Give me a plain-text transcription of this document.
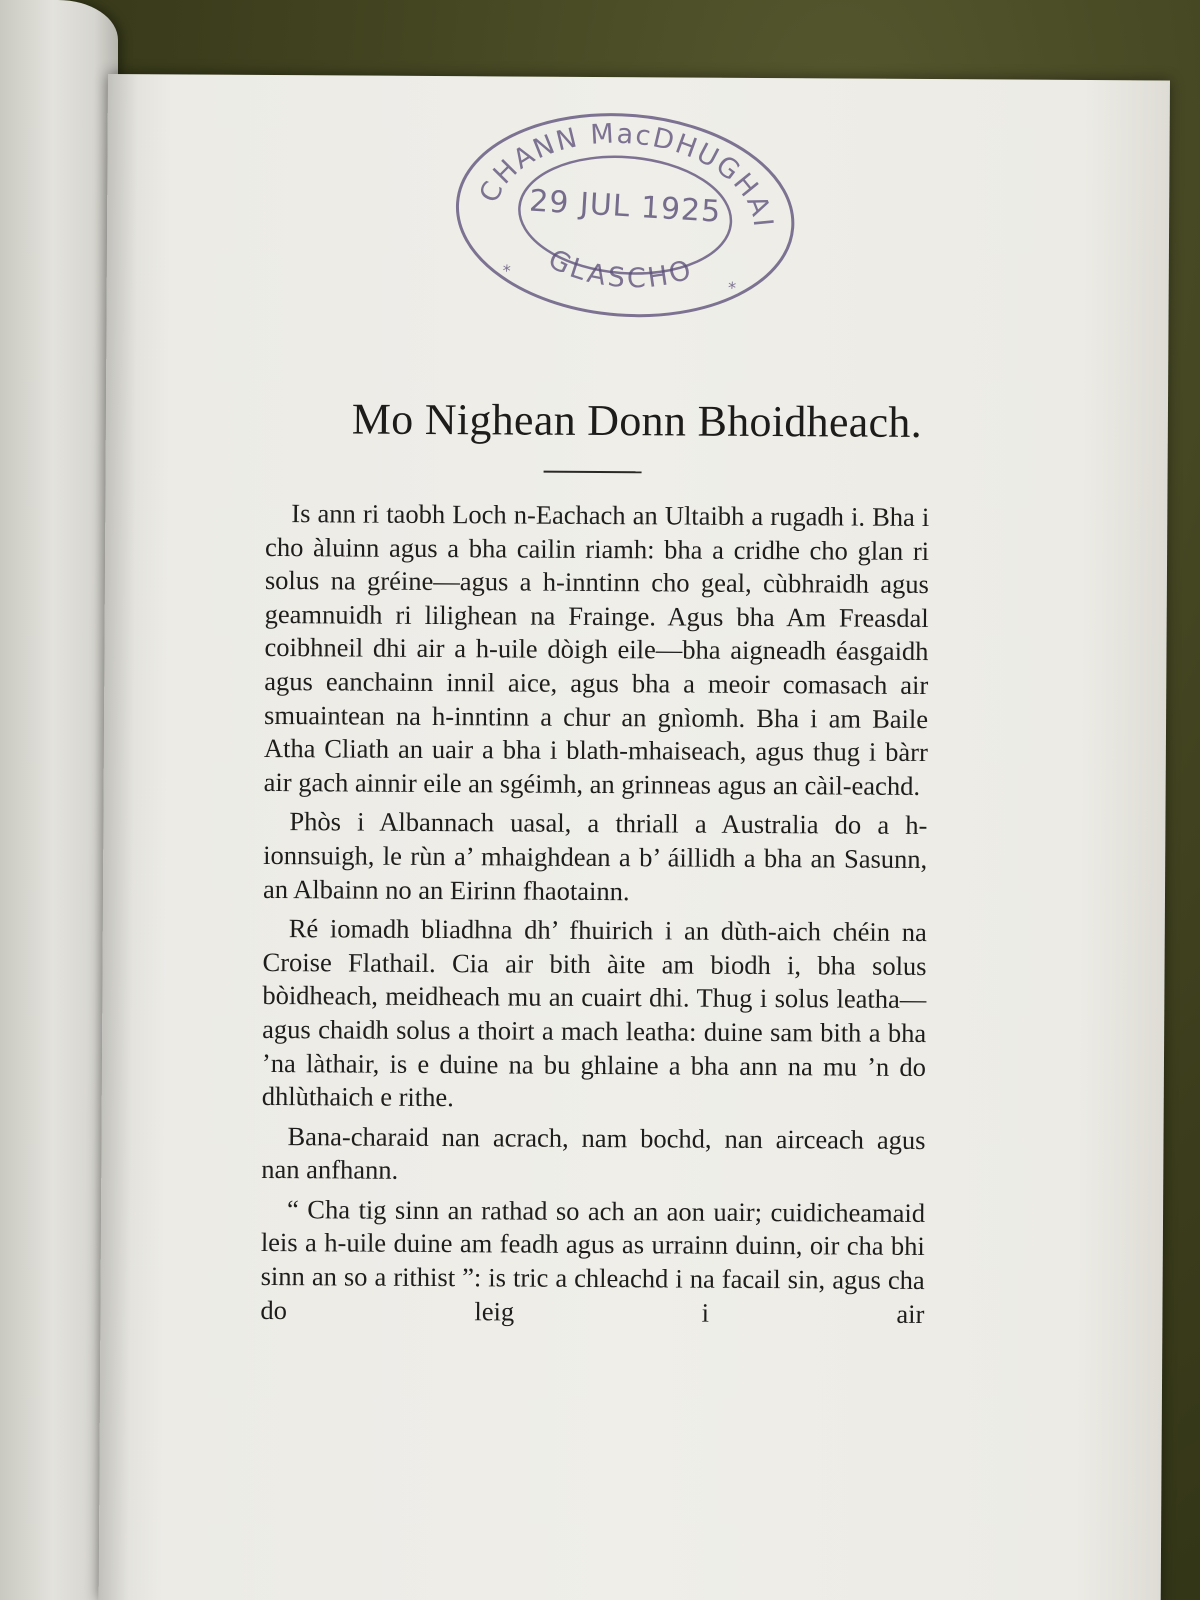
EACHANN MacDHUGHAILL
GLASCHO
*
*
29 JUL 1925
Mo Nighean Donn Bhoidheach.

Is ann ri taobh Loch n-Eachach an Ultaibh a rugadh i. Bha i cho àluinn agus a bha cailin riamh: bha a cridhe cho glan ri solus na gréine—agus a h-inntinn cho geal, cùbhraidh agus geamnuidh ri lilighean na Frainge. Agus bha Am Freasdal coibhneil dhi air a h-uile dòigh eile—bha aigneadh éasgaidh agus eanchainn innil aice, agus bha a meoir comasach air smuaintean na h-inntinn a chur an gnìomh. Bha i am Baile Atha Cliath an uair a bha i blath-mhaiseach, agus thug i bàrr air gach ainnir eile an sgéimh, an grinneas agus an càil-eachd.

Phòs i Albannach uasal, a thriall a Australia do a h-ionnsuigh, le rùn a’ mhaighdean a b’ áillidh a bha an Sasunn, an Albainn no an Eirinn fhaotainn.

Ré iomadh bliadhna dh’ fhuirich i an dùth-aich chéin na Croise Flathail. Cia air bith àite am biodh i, bha solus bòidheach, meidheach mu an cuairt dhi. Thug i solus leatha—agus chaidh solus a thoirt a mach leatha: duine sam bith a bha ’na làthair, is e duine na bu ghlaine a bha ann na mu ’n do dhlùthaich e rithe.

Bana-charaid nan acrach, nam bochd, nan airceach agus nan anfhann.

“ Cha tig sinn an rathad so ach an aon uair; cuidicheamaid leis a h-uile duine am feadh agus as urrainn duinn, oir cha bhi sinn an so a rithist ”: is tric a chleachd i na facail sin, agus cha do leig i air
